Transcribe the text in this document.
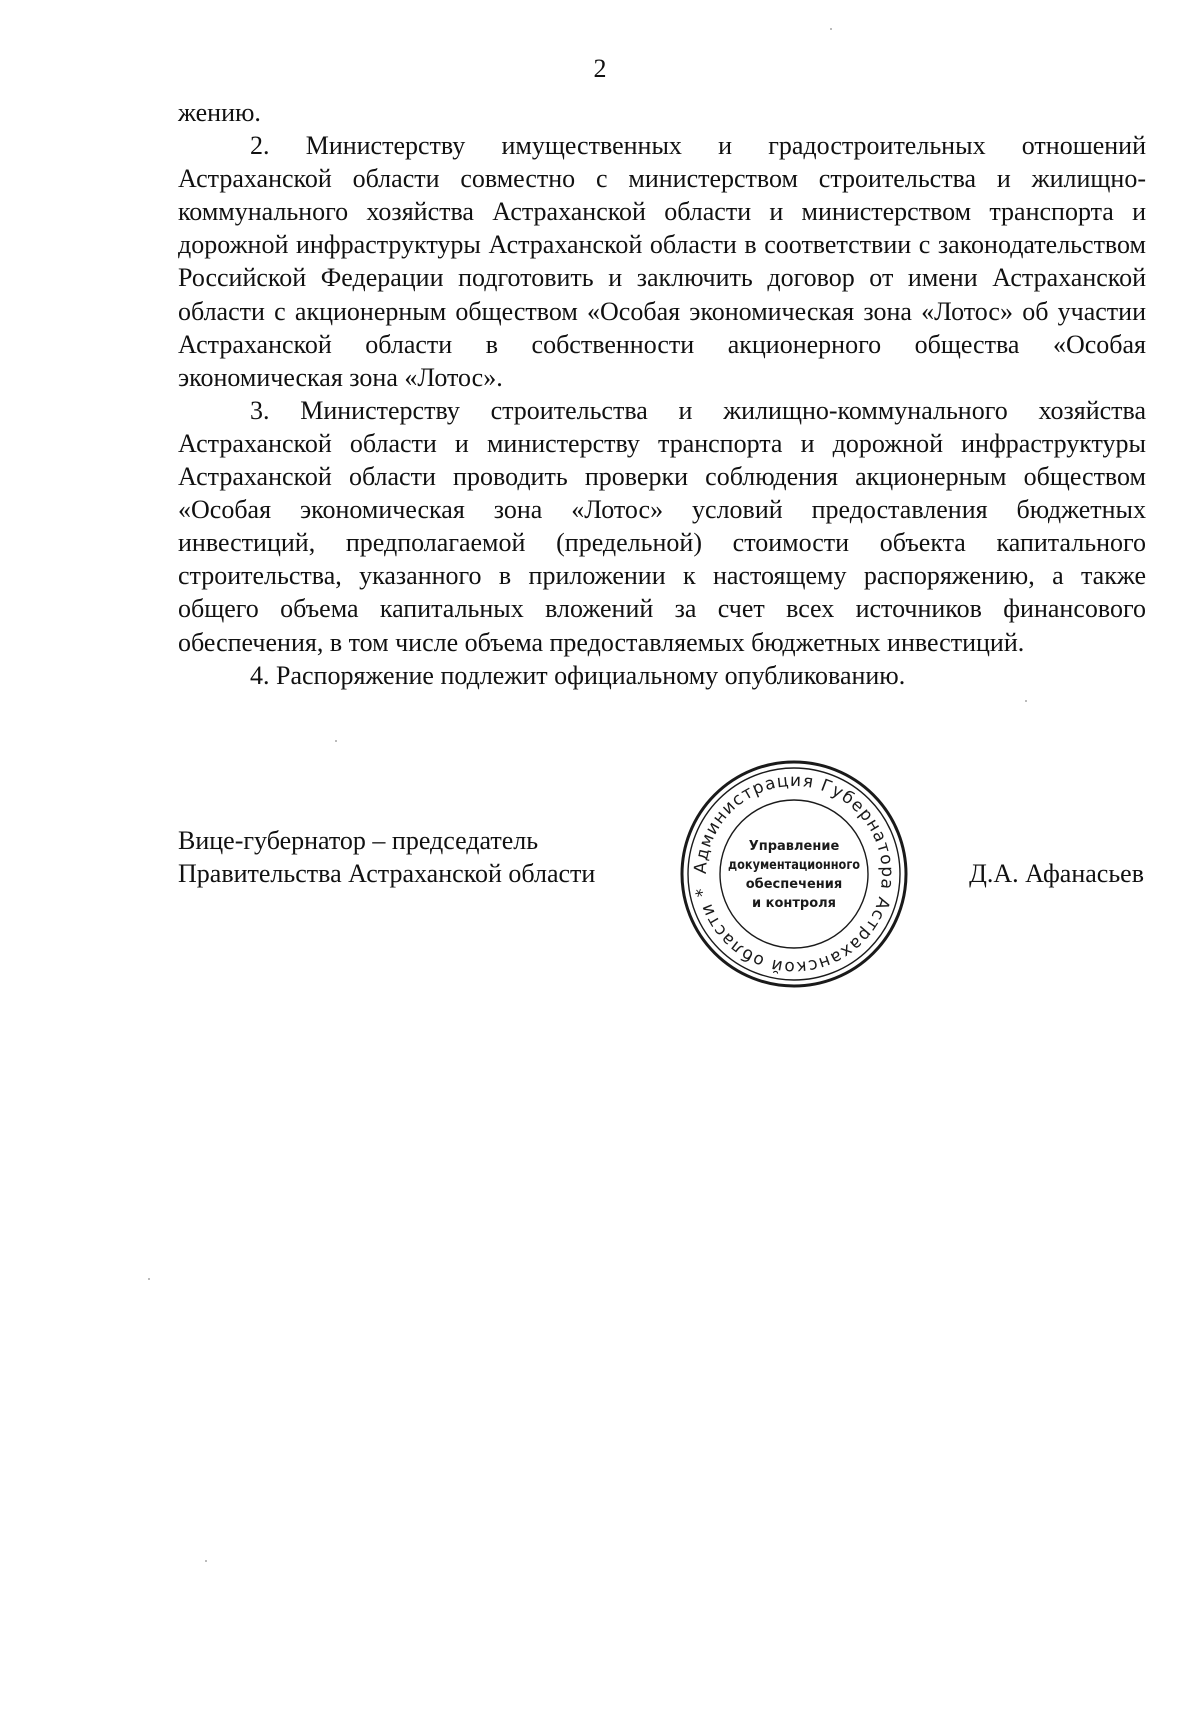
2

жению.

2. Министерству имущественных и градостроительных отношений Астраханской области совместно с министерством строительства и жилищно-коммунального хозяйства Астраханской области и министерством транспорта и дорожной инфраструктуры Астраханской области в соответствии с законодательством Российской Федерации подготовить и заключить договор от имени Астраханской области с акционерным обществом «Особая экономическая зона «Лотос» об участии Астраханской области в собственности акционерного общества «Особая экономическая зона «Лотос».

3. Министерству строительства и жилищно-коммунального хозяйства Астраханской области и министерству транспорта и дорожной инфраструктуры Астраханской области проводить проверки соблюдения акционерным обществом «Особая экономическая зона «Лотос» условий предоставления бюджетных инвестиций, предполагаемой (предельной) стоимости объекта капитального строительства, указанного в приложении к настоящему распоряжению, а также общего объема капитальных вложений за счет всех источников финансового обеспечения, в том числе объема предоставляемых бюджетных инвестиций.

4. Распоряжение подлежит официальному опубликованию.

Вице-губернатор – председатель
Правительства Астраханской области	Д.А. Афанасьев
Администрация Губернатора Астраханской области *
Управление
документационного
обеспечения
и контроля
